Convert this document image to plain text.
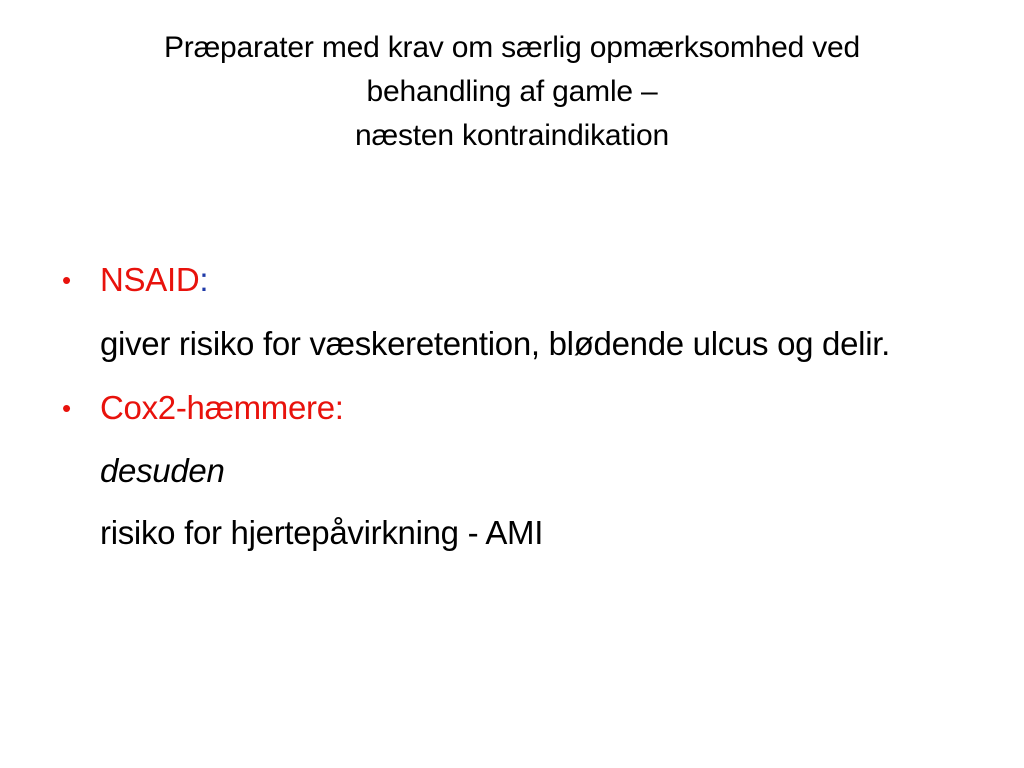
Præparater med krav om særlig opmærksomhed ved
behandling af gamle –
næsten kontraindikation
• NSAID:
giver risiko for væskeretention, blødende ulcus og delir.
• Cox2-hæmmere:
desuden
risiko for hjertepåvirkning - AMI
